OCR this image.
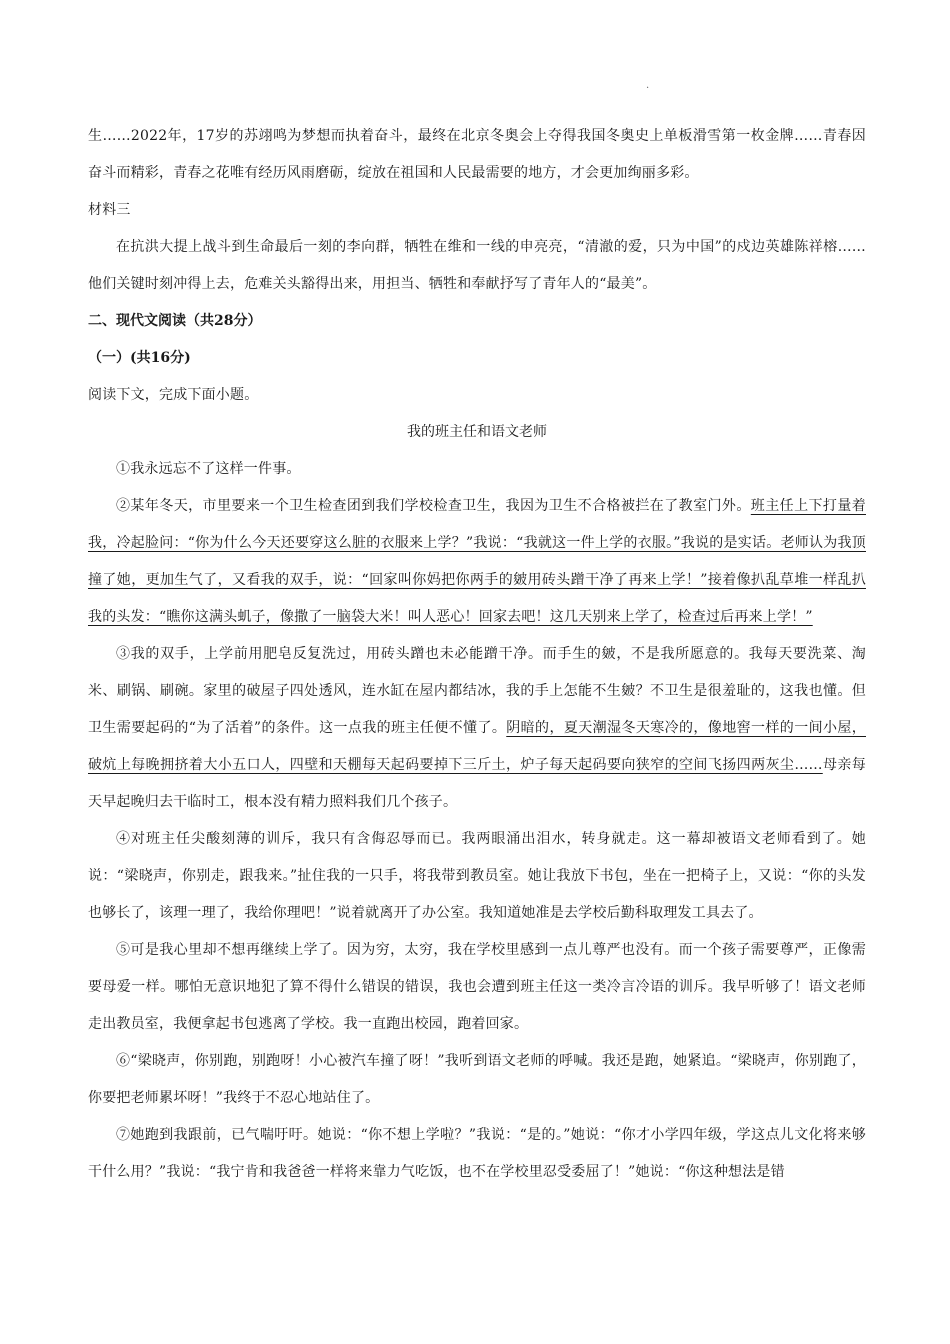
.

生……2022年，17岁的苏翊鸣为梦想而执着奋斗，最终在北京冬奥会上夺得我国冬奥史上单板滑雪第一枚金牌……青春因奋斗而精彩，青春之花唯有经历风雨磨砺，绽放在祖国和人民最需要的地方，才会更加绚丽多彩。

材料三

在抗洪大提上战斗到生命最后一刻的李向群，牺牲在维和一线的申亮亮，“清澈的爱，只为中国”的戍边英雄陈祥榕……他们关键时刻冲得上去，危难关头豁得出来，用担当、牺牲和奉献抒写了青年人的“最美”。

二、现代文阅读（共28分）

（一）(共16分)

阅读下文，完成下面小题。

我的班主任和语文老师

①我永远忘不了这样一件事。

②某年冬天，市里要来一个卫生检查团到我们学校检查卫生，我因为卫生不合格被拦在了教室门外。班主任上下打量着我，冷起脸问：“你为什么今天还要穿这么脏的衣服来上学？”我说：“我就这一件上学的衣服。”我说的是实话。老师认为我顶撞了她，更加生气了，又看我的双手，说：“回家叫你妈把你两手的皴用砖头蹭干净了再来上学！”接着像扒乱草堆一样乱扒我的头发：“瞧你这满头虮子，像撒了一脑袋大米！叫人恶心！回家去吧！这几天别来上学了，检查过后再来上学！”

③我的双手，上学前用肥皂反复洗过，用砖头蹭也未必能蹭干净。而手生的皴，不是我所愿意的。我每天要洗菜、淘米、刷锅、刷碗。家里的破屋子四处透风，连水缸在屋内都结冰，我的手上怎能不生皴？不卫生是很羞耻的，这我也懂。但卫生需要起码的“为了活着”的条件。这一点我的班主任便不懂了。阴暗的，夏天潮湿冬天寒冷的，像地窖一样的一间小屋，破炕上每晚拥挤着大小五口人，四壁和天棚每天起码要掉下三斤土，炉子每天起码要向狭窄的空间飞扬四两灰尘……母亲每天早起晚归去干临时工，根本没有精力照料我们几个孩子。

④对班主任尖酸刻薄的训斥，我只有含侮忍辱而已。我两眼涌出泪水，转身就走。这一幕却被语文老师看到了。她说：“梁晓声，你别走，跟我来。”扯住我的一只手，将我带到教员室。她让我放下书包，坐在一把椅子上，又说：“你的头发也够长了，该理一理了，我给你理吧！”说着就离开了办公室。我知道她准是去学校后勤科取理发工具去了。

⑤可是我心里却不想再继续上学了。因为穷，太穷，我在学校里感到一点儿尊严也没有。而一个孩子需要尊严，正像需要母爱一样。哪怕无意识地犯了算不得什么错误的错误，我也会遭到班主任这一类冷言冷语的训斥。我早听够了！语文老师走出教员室，我便拿起书包逃离了学校。我一直跑出校园，跑着回家。

⑥“梁晓声，你别跑，别跑呀！小心被汽车撞了呀！”我听到语文老师的呼喊。我还是跑，她紧追。“梁晓声，你别跑了，你要把老师累坏呀！”我终于不忍心地站住了。

⑦她跑到我跟前，已气喘吁吁。她说：“你不想上学啦？”我说：“是的。”她说：“你才小学四年级，学这点儿文化将来够干什么用？”我说：“我宁肯和我爸爸一样将来靠力气吃饭，也不在学校里忍受委屈了！”她说：“你这种想法是错
